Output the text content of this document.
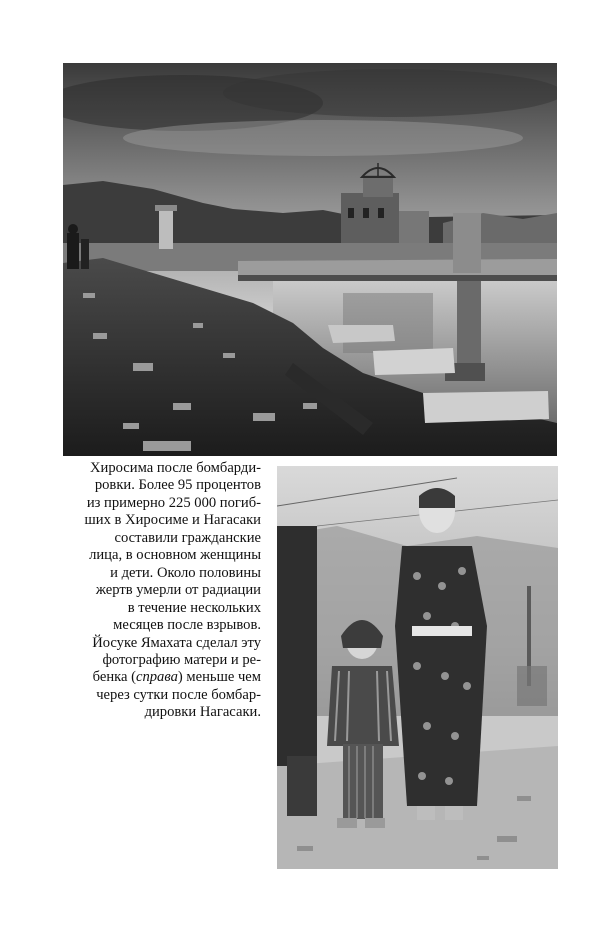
Хиросима после бомбарди-
ровки. Более 95 процентов
из примерно 225 000 погиб-
ших в Хиросиме и Нагасаки
составили гражданские
лица, в основном женщины
и дети. Около половины
жертв умерли от радиации
в течение нескольких
месяцев после взрывов.
Йосуке Ямахата сделал эту
фотографию матери и ре-
бенка (справа) меньше чем
через сутки после бомбар-
дировки Нагасаки.
